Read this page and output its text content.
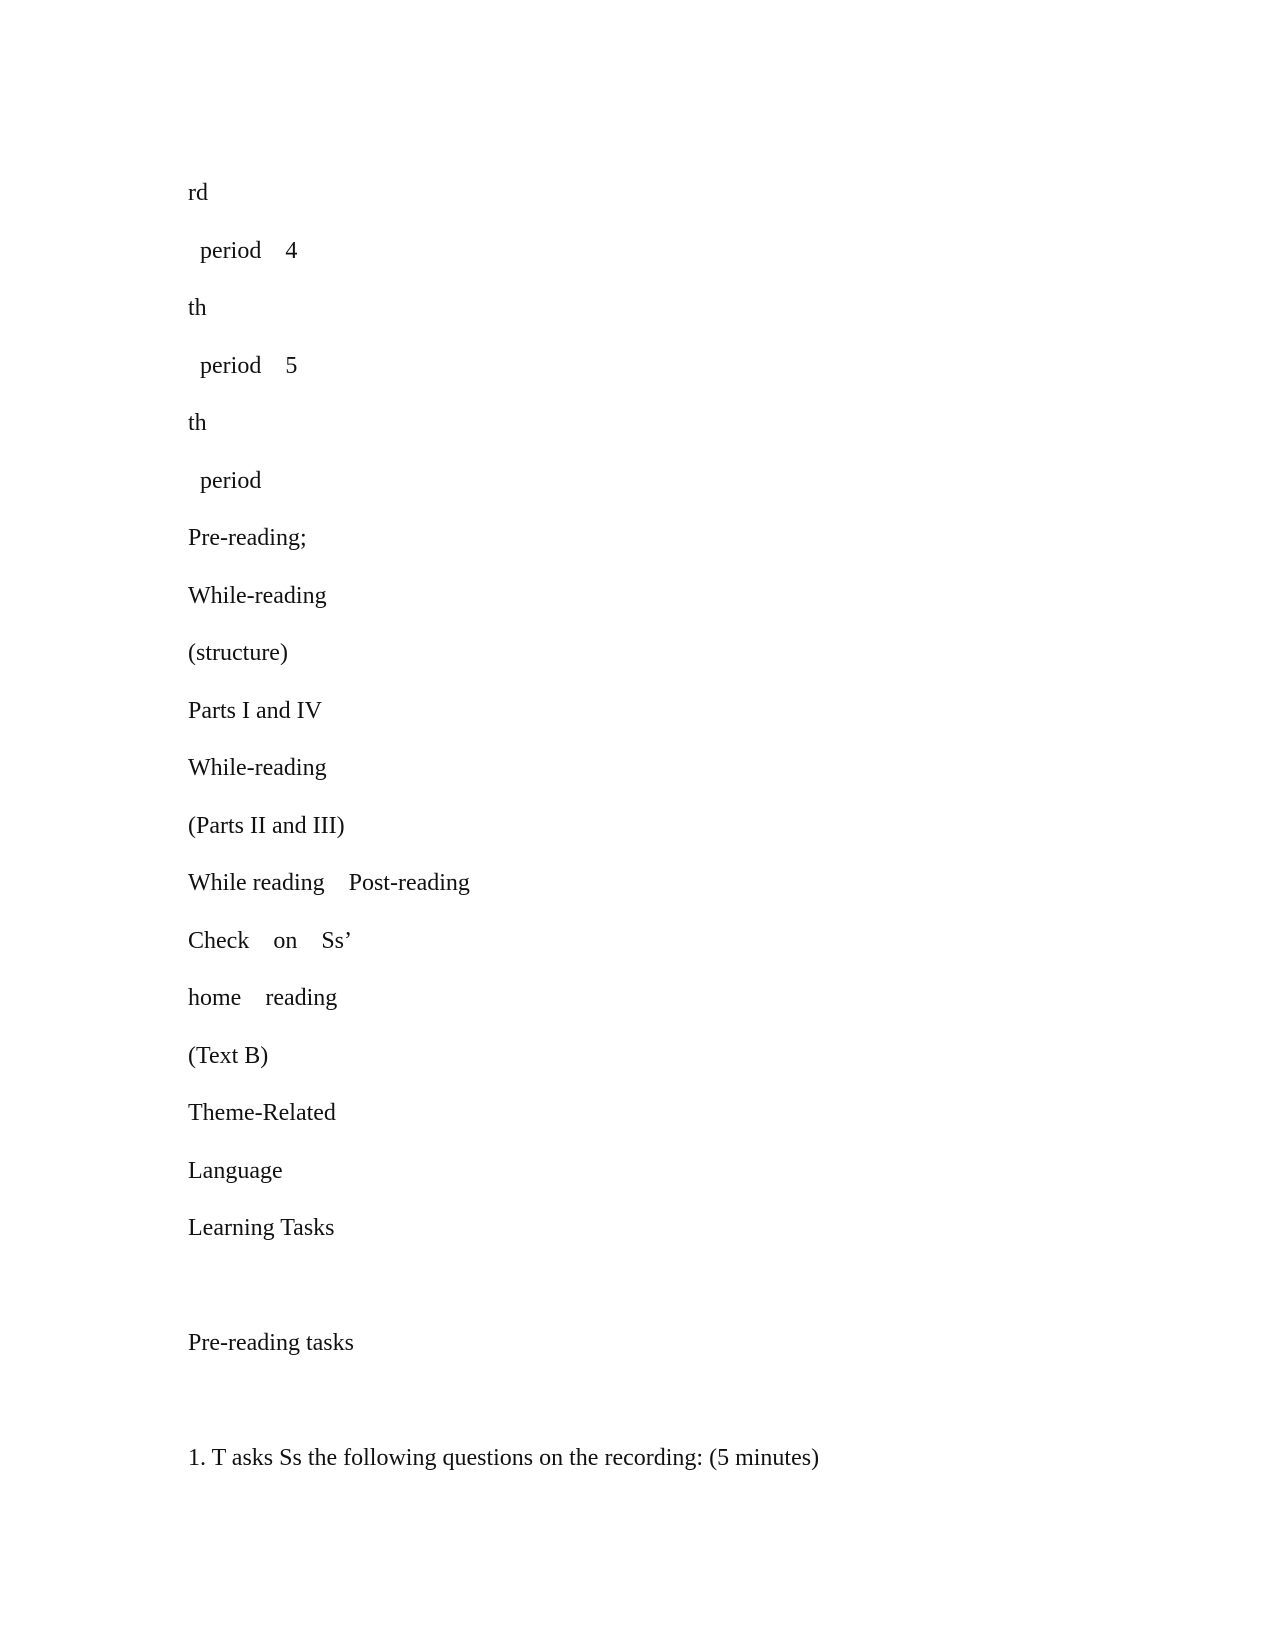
rd
period    4
th
period    5
th
period
Pre-reading;
While-reading
(structure)
Parts I and IV
While-reading
(Parts II and III)
While reading    Post-reading
Check    on    Ss’
home    reading
(Text B)
Theme-Related
Language
Learning Tasks
Pre-reading tasks
1. T asks Ss the following questions on the recording: (5 minutes)
